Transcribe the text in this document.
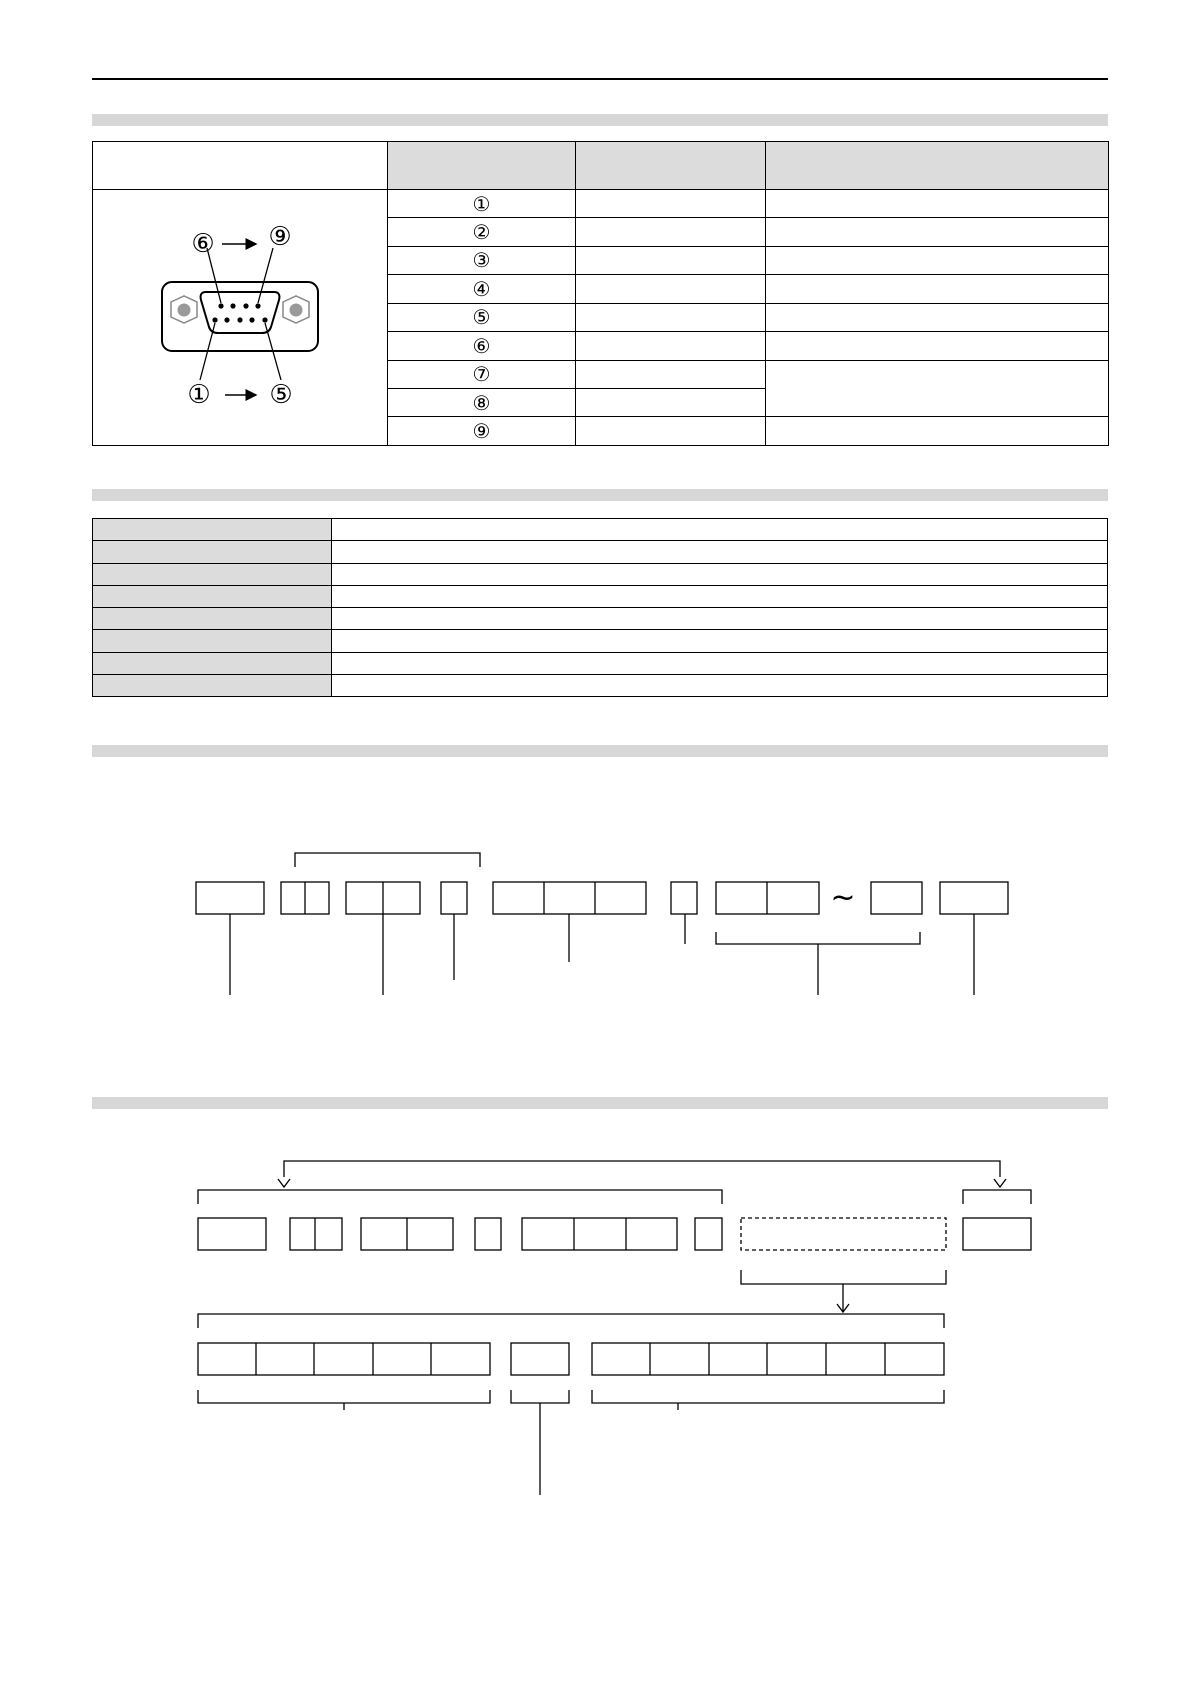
	①		
	②		
	③		
	④		
	⑤		
	⑥		
	⑦		
	⑧		
	⑨		

⑥ ⑨
① ⑤
~
